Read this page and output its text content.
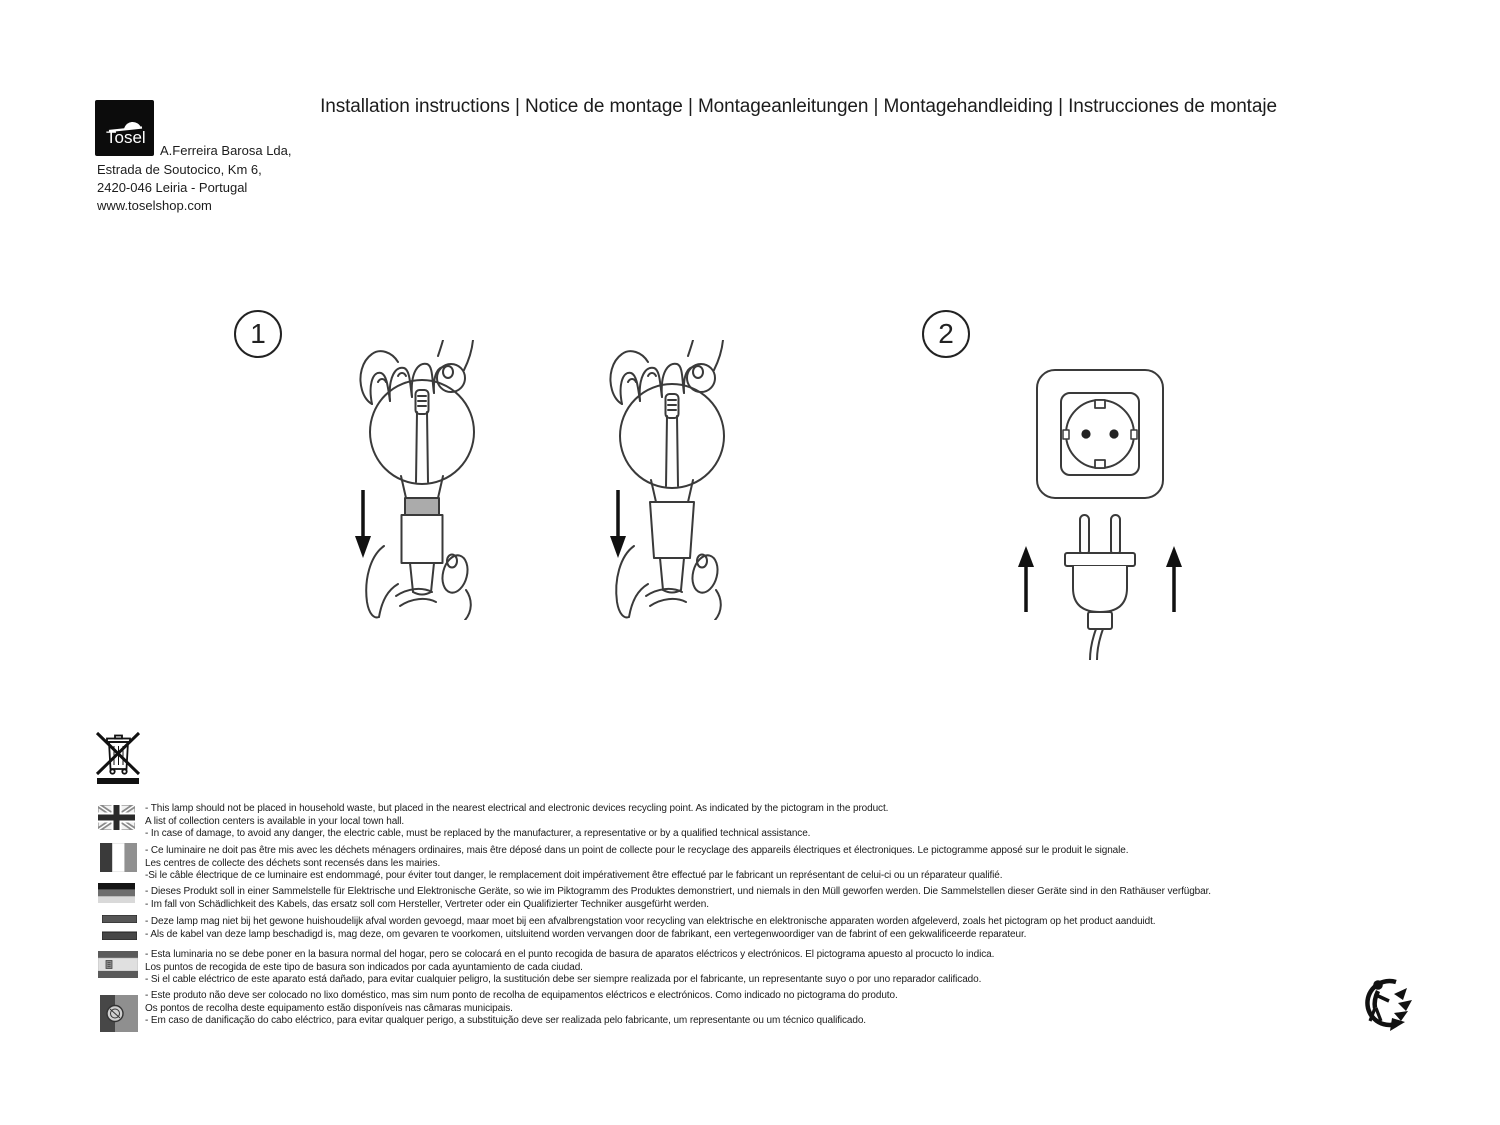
Installation instructions | Notice de montage | Montageanleitungen | Montagehandleiding | Instrucciones de montaje
Tosel
A.Ferreira Barosa Lda,
Estrada de Soutocico, Km 6,
2420-046 Leiria - Portugal
www.toselshop.com
1	2
- This lamp should not be placed in household waste, but placed in the nearest electrical and electronic devices recycling point. As indicated by the pictogram in the product.
A list of collection centers is available in your local town hall.
- In case of damage, to avoid any danger, the electric cable, must be replaced by the manufacturer, a representative or by a qualified technical assistance.
- Ce luminaire ne doit pas être mis avec les déchets ménagers ordinaires, mais être déposé dans un point de collecte pour le recyclage des appareils électriques et électroniques. Le pictogramme apposé sur le produit le signale.
Les centres de collecte des déchets sont recensés dans les mairies.
-Si le câble électrique de ce luminaire est endommagé, pour éviter tout danger, le remplacement doit impérativement être effectué par le fabricant un représentant de celui-ci ou un réparateur qualifié.
- Dieses Produkt soll in einer Sammelstelle für Elektrische und Elektronische Geräte, so wie im Piktogramm des Produktes demonstriert, und niemals in den Müll geworfen werden. Die Sammelstellen dieser Geräte sind in den Rathäuser verfügbar.
- Im fall von Schädlichkeit des Kabels, das ersatz soll com Hersteller, Vertreter oder ein Qualifizierter Techniker ausgefürht werden.
- Deze lamp mag niet bij het gewone huishoudelijk afval worden gevoegd, maar moet bij een afvalbrengstation voor recycling van elektrische en elektronische apparaten worden afgeleverd, zoals het pictogram op het product aanduidt.
- Als de kabel van deze lamp beschadigd is, mag deze, om gevaren te voorkomen, uitsluitend worden vervangen door de fabrikant, een vertegenwoordiger van de fabrint of een gekwalificeerde reparateur.
- Esta luminaria no se debe poner en la basura normal del hogar, pero se colocará en el punto recogida de basura de aparatos eléctricos y electrónicos. El pictograma apuesto al procucto lo indica.
Los puntos de recogida de este tipo de basura son indicados por cada ayuntamiento de cada ciudad.
- Si el cable eléctrico de este aparato está dañado, para evitar cualquier peligro, la sustitución debe ser siempre realizada por el fabricante, un representante suyo o por uno reparador calificado.
- Este produto não deve ser colocado no lixo doméstico, mas sim num ponto de recolha de equipamentos eléctricos e electrónicos. Como indicado no pictograma do produto.
Os pontos de recolha deste equipamento estão disponíveis nas câmaras municipais.
- Em caso de danificação do cabo eléctrico, para evitar qualquer perigo, a substituição deve ser realizada pelo fabricante, um representante ou um técnico qualificado.
